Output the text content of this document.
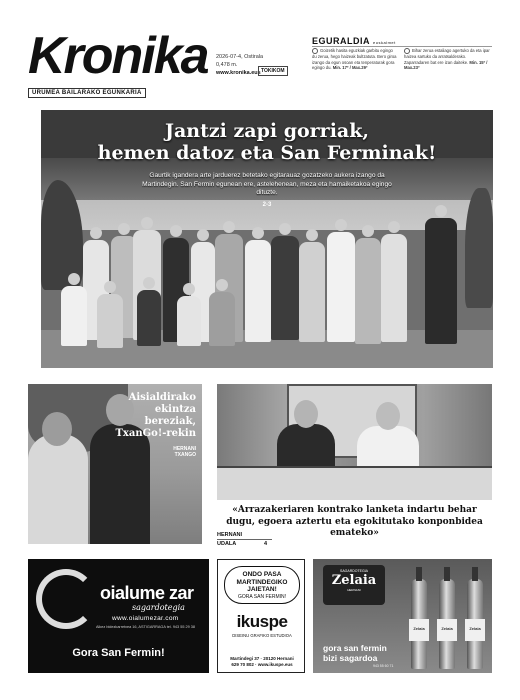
Kronika
URUMEA BAILARAKO EGUNKARIA
2026-07-4, Ostirala
0,478 m.
www.kronika.eus TOKIKOM
EGURALDIA euskalmet
Goizetik hasita eguzkiak garbitu egingo du zerua, hego haizeak bultzatuta. Bero giroa izango da egun osoan eta tenperaturak gora egingo du. Min. 17º / Max.29º
Bihar zerua estaliago agertuko da eta ipar haizea sartuko da arratsalderako. Zaparradaren bat ere izan daiteke. Min. 15º / Max.23º
Jantzi zapi gorriak,
hemen datoz eta San Ferminak!
Gaurtik igandera arte jarduerez betetako egitarauaz gozatzeko aukera izango da Martindegin. San Fermin egunean ere, astelehenean, meza eta hamaiketakoa egingo dituzte.
2-3
Aisialdirako
ekintza
bereziak,
TxanGo!-rekin
HERNANI
TXANGO
«Arrazakeriaren kontrako lanketa indartu behar dugu, egoera aztertu eta egokitutako konponbidea emateko»
HERNANI
UDALA	4
oialume zar
sagardotegia
www.oialumezar.com
Alkez bidezkarretxea 16, ASTIGARRAGA tel. 943 55 29 38
Gora San Fermin!
ONDO PASA
MARTINDEGIKO
JAIETAN!
GORA SAN FERMIN!
ikuspe
DISEINU GRAFIKO ESTUDIOA
Martindegi 37 · 20120 Hernani
629 70 802 · www.ikuspe.eus
SAGARDOTEGIA
Zelaia
HERNANI
Zelaia	Zelaia	Zelaia
gora san fermin
bizi sagardoa
943 55 60 71
